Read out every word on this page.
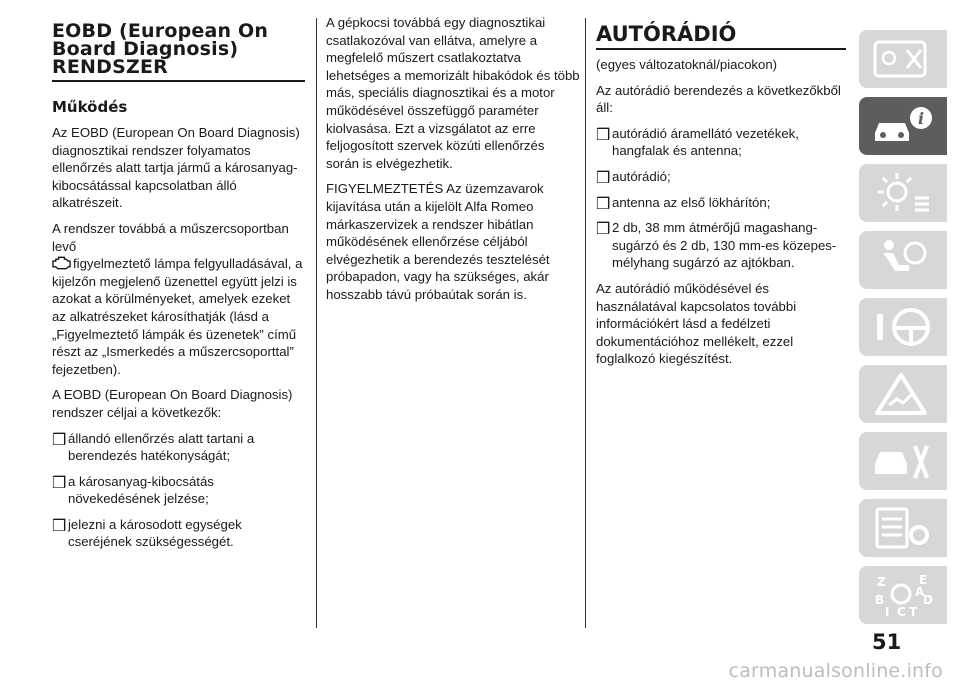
EOBD (European On
Board Diagnosis)
RENDSZER
Működés

Az EOBD (European On Board Diagnosis) diagnosztikai rendszer folyamatos ellenőrzés alatt tartja jármű a károsanyag-kibocsátással kapcsolatban álló alkatrészeit.

A rendszer továbbá a műszercsoportban levő
figyelmeztető lámpa felgyulladásával, a kijelzőn megjelenő üzenettel együtt jelzi is azokat a körülményeket, amelyek ezeket az alkatrészeket károsíthatják (lásd a „Figyelmeztető lámpák és üzenetek” című részt az „Ismerkedés a műszercsoporttal” fejezetben).

A EOBD (European On Board Diagnosis) rendszer céljai a következők:

❒ állandó ellenőrzés alatt tartani a berendezés hatékonyságát;

❒ a károsanyag-kibocsátás növekedésének jelzése;

❒ jelezni a károsodott egységek cseréjének szükségességét.

A gépkocsi továbbá egy diagnosztikai csatlakozóval van ellátva, amelyre a megfelelő műszert csatlakoztatva lehetséges a memorizált hibakódok és több más, speciális diagnosztikai és a motor működésével összefüggő paraméter kiolvasása. Ezt a vizsgálatot az erre feljogosított szervek közúti ellenőrzés során is elvégezhetik.

FIGYELMEZTETÉS Az üzemzavarok kijavítása után a kijelölt Alfa Romeo márkaszervizek a rendszer hibátlan működésének ellenőrzése céljából elvégezhetik a berendezés tesztelését próbapadon, vagy ha szükséges, akár hosszabb távú próbaútak során is.

AUTÓRÁDIÓ

(egyes változatoknál/piacokon)

Az autórádió berendezés a következőkből áll:

❒ autórádió áramellátó vezetékek, hangfalak és antenna;

❒ autórádió;

❒ antenna az első lökhárítón;

❒ 2 db, 38 mm átmérőjű magashang-sugárzó és 2 db, 130 mm-es közepes-mélyhang sugárzó az ajtókban.

Az autórádió működésével és használatával kapcsolatos további információkért lásd a fedélzeti dokumentációhoz mellékelt, ezzel foglalkozó kiegészítést.

i
Z	E
B	D
I C T
A
51
carmanualsonline.info
